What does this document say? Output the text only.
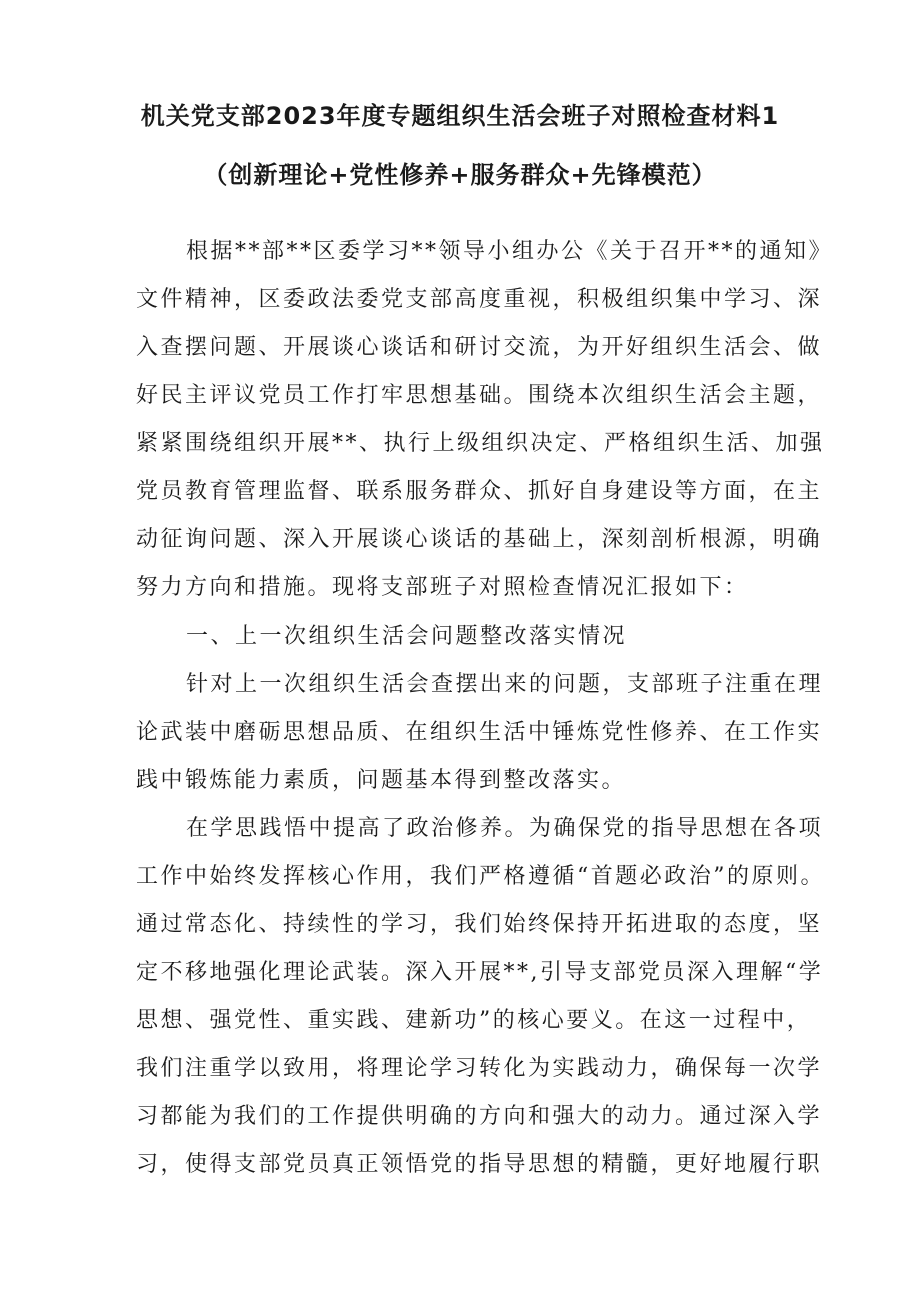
机关党支部2023年度专题组织生活会班子对照检查材料1
（创新理论+党性修养+服务群众+先锋模范）
根据**部**区委学习**领导小组办公《关于召开**的通知》
文件精神，区委政法委党支部高度重视，积极组织集中学习、深
入查摆问题、开展谈心谈话和研讨交流，为开好组织生活会、做
好民主评议党员工作打牢思想基础。围绕本次组织生活会主题，
紧紧围绕组织开展**、执行上级组织决定、严格组织生活、加强
党员教育管理监督、联系服务群众、抓好自身建设等方面，在主
动征询问题、深入开展谈心谈话的基础上，深刻剖析根源，明确
努力方向和措施。现将支部班子对照检查情况汇报如下：
一、上一次组织生活会问题整改落实情况
针对上一次组织生活会查摆出来的问题，支部班子注重在理
论武装中磨砺思想品质、在组织生活中锤炼党性修养、在工作实
践中锻炼能力素质，问题基本得到整改落实。
在学思践悟中提高了政治修养。为确保党的指导思想在各项
工作中始终发挥核心作用，我们严格遵循“首题必政治”的原则。
通过常态化、持续性的学习，我们始终保持开拓进取的态度，坚
定不移地强化理论武装。深入开展**,引导支部党员深入理解“学
思想、强党性、重实践、建新功”的核心要义。在这一过程中，
我们注重学以致用，将理论学习转化为实践动力，确保每一次学
习都能为我们的工作提供明确的方向和强大的动力。通过深入学
习，使得支部党员真正领悟党的指导思想的精髓，更好地履行职
